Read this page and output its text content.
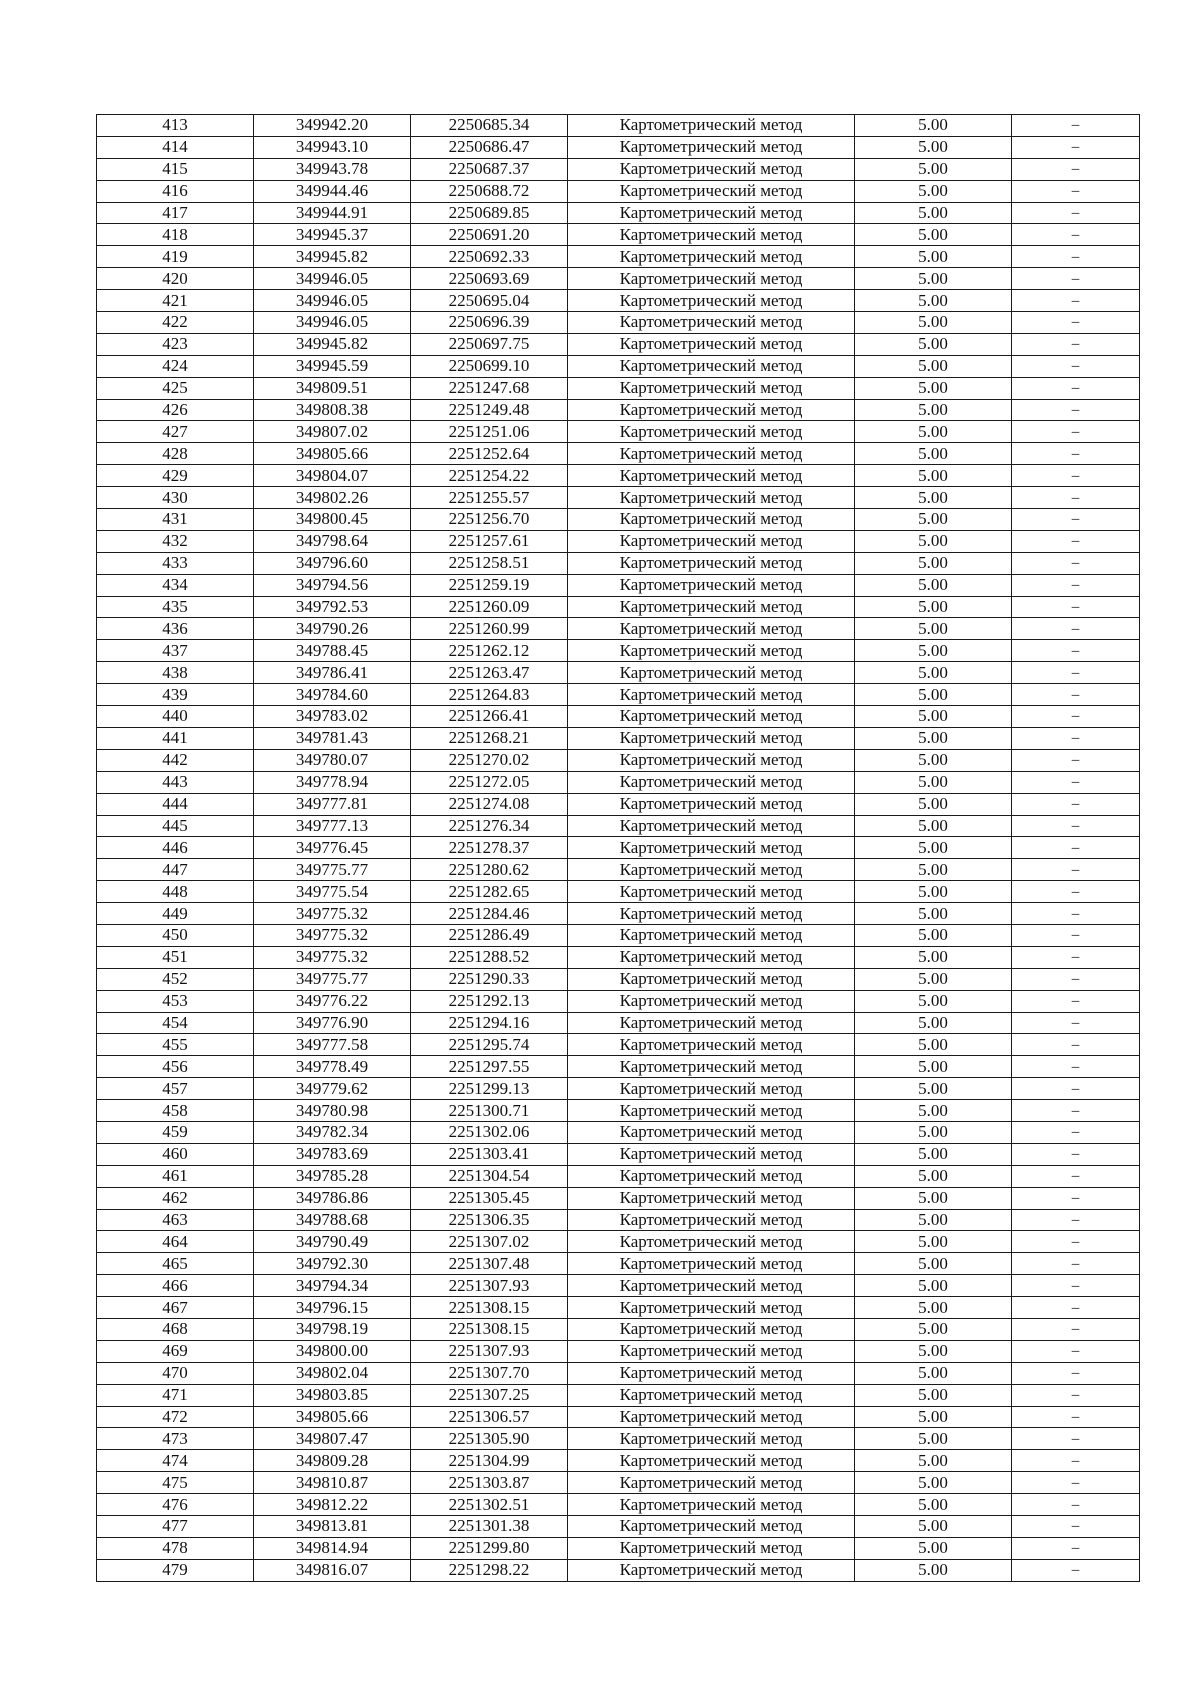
413	349942.20	2250685.34	Картометрический метод	5.00	–
414	349943.10	2250686.47	Картометрический метод	5.00	–
415	349943.78	2250687.37	Картометрический метод	5.00	–
416	349944.46	2250688.72	Картометрический метод	5.00	–
417	349944.91	2250689.85	Картометрический метод	5.00	–
418	349945.37	2250691.20	Картометрический метод	5.00	–
419	349945.82	2250692.33	Картометрический метод	5.00	–
420	349946.05	2250693.69	Картометрический метод	5.00	–
421	349946.05	2250695.04	Картометрический метод	5.00	–
422	349946.05	2250696.39	Картометрический метод	5.00	–
423	349945.82	2250697.75	Картометрический метод	5.00	–
424	349945.59	2250699.10	Картометрический метод	5.00	–
425	349809.51	2251247.68	Картометрический метод	5.00	–
426	349808.38	2251249.48	Картометрический метод	5.00	–
427	349807.02	2251251.06	Картометрический метод	5.00	–
428	349805.66	2251252.64	Картометрический метод	5.00	–
429	349804.07	2251254.22	Картометрический метод	5.00	–
430	349802.26	2251255.57	Картометрический метод	5.00	–
431	349800.45	2251256.70	Картометрический метод	5.00	–
432	349798.64	2251257.61	Картометрический метод	5.00	–
433	349796.60	2251258.51	Картометрический метод	5.00	–
434	349794.56	2251259.19	Картометрический метод	5.00	–
435	349792.53	2251260.09	Картометрический метод	5.00	–
436	349790.26	2251260.99	Картометрический метод	5.00	–
437	349788.45	2251262.12	Картометрический метод	5.00	–
438	349786.41	2251263.47	Картометрический метод	5.00	–
439	349784.60	2251264.83	Картометрический метод	5.00	–
440	349783.02	2251266.41	Картометрический метод	5.00	–
441	349781.43	2251268.21	Картометрический метод	5.00	–
442	349780.07	2251270.02	Картометрический метод	5.00	–
443	349778.94	2251272.05	Картометрический метод	5.00	–
444	349777.81	2251274.08	Картометрический метод	5.00	–
445	349777.13	2251276.34	Картометрический метод	5.00	–
446	349776.45	2251278.37	Картометрический метод	5.00	–
447	349775.77	2251280.62	Картометрический метод	5.00	–
448	349775.54	2251282.65	Картометрический метод	5.00	–
449	349775.32	2251284.46	Картометрический метод	5.00	–
450	349775.32	2251286.49	Картометрический метод	5.00	–
451	349775.32	2251288.52	Картометрический метод	5.00	–
452	349775.77	2251290.33	Картометрический метод	5.00	–
453	349776.22	2251292.13	Картометрический метод	5.00	–
454	349776.90	2251294.16	Картометрический метод	5.00	–
455	349777.58	2251295.74	Картометрический метод	5.00	–
456	349778.49	2251297.55	Картометрический метод	5.00	–
457	349779.62	2251299.13	Картометрический метод	5.00	–
458	349780.98	2251300.71	Картометрический метод	5.00	–
459	349782.34	2251302.06	Картометрический метод	5.00	–
460	349783.69	2251303.41	Картометрический метод	5.00	–
461	349785.28	2251304.54	Картометрический метод	5.00	–
462	349786.86	2251305.45	Картометрический метод	5.00	–
463	349788.68	2251306.35	Картометрический метод	5.00	–
464	349790.49	2251307.02	Картометрический метод	5.00	–
465	349792.30	2251307.48	Картометрический метод	5.00	–
466	349794.34	2251307.93	Картометрический метод	5.00	–
467	349796.15	2251308.15	Картометрический метод	5.00	–
468	349798.19	2251308.15	Картометрический метод	5.00	–
469	349800.00	2251307.93	Картометрический метод	5.00	–
470	349802.04	2251307.70	Картометрический метод	5.00	–
471	349803.85	2251307.25	Картометрический метод	5.00	–
472	349805.66	2251306.57	Картометрический метод	5.00	–
473	349807.47	2251305.90	Картометрический метод	5.00	–
474	349809.28	2251304.99	Картометрический метод	5.00	–
475	349810.87	2251303.87	Картометрический метод	5.00	–
476	349812.22	2251302.51	Картометрический метод	5.00	–
477	349813.81	2251301.38	Картометрический метод	5.00	–
478	349814.94	2251299.80	Картометрический метод	5.00	–
479	349816.07	2251298.22	Картометрический метод	5.00	–
